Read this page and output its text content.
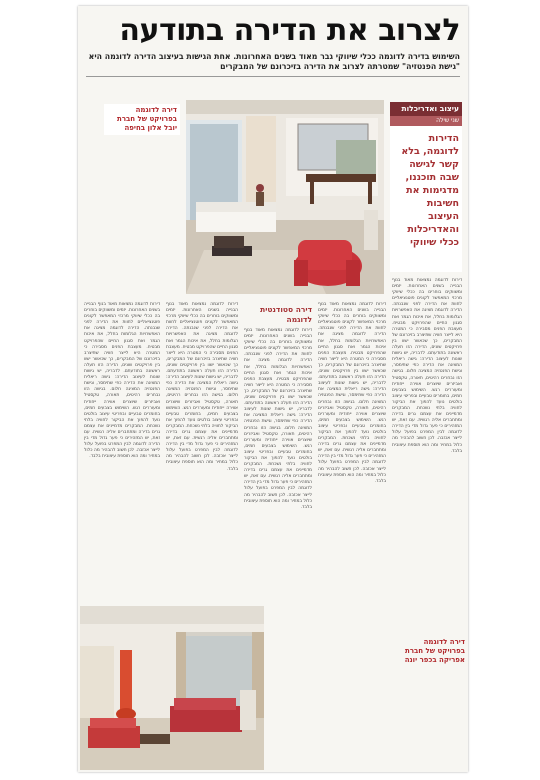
לצרוב את הדירה בתודעה
השימוש בדירה לדוגמה ככלי שיווקי גבר מאוד בשנים האחרונות. אחת הגישות בעיצוב הדירה לדוגמה היא "גישת הפנטזיה" שמטרתה לצרוב את הדירה בזיכרונם של המבקרים
עיצוב ואדריכלות
שני שילה
הדירות לדוגמה, בלא קשר לגישה שבה תוכננו, מדגימות את חשיבות העיצוב והאדריכלות ככלי שיווקי
דירה לדוגמה בפרויקט של חברת יובל אלון בחיפה

דירות לדוגמה נמצאות מאוד בנוף הבנייה בשנים האחרונות. יזמים ומשווקים בוחרים בה ככלי שיווקי מרכזי המאפשר לקונים פוטנציאליים לחוות את הדירה לפני שנבנתה. הדירה לדוגמה מציגה את האפשרויות הגלומות בחלל, את איכות הגמר ואת סגנון החיים שהפרויקט מבטיח. מעצבת הפנים מסבירה כי המטרה היא לייצר חוויה שתיצרב בזיכרונם של המבקרים, כך שכאשר ישוו בין פרויקטים שונים, הדירה הזו תעלה ראשונה בתודעתם. לדבריה, יש גישות שונות לעיצוב הדירה: גישה ריאלית המציגה את הדירה כפי שתימסר, וגישת הפנטזיה המציגה חלום. בגישה הזו נבחרים רהיטים, תאורה, טקסטיל ואביזרים שיוצרים אווירה ייחודית ומעוררים רגש. השימוש בצבעים חמים, בחומרים טבעיים ובפריטי עיצוב בולטים נועד להפוך את הביקור לחוויה בלתי נשכחת. המבקרים מדמיינים את עצמם גרים בדירה ומתחברים אליה רגשית. עם זאת, יש המזהירים כי פער גדול מדי בין הדירה לדוגמה לבין המפרט בפועל עלול לייצר אכזבה. לכן חשוב להבהיר מה כלול במחיר ומה הוא תוספת עיצובית בלבד.

דירות לדוגמה נמצאות מאוד בנוף הבנייה בשנים האחרונות. יזמים ומשווקים בוחרים בה ככלי שיווקי מרכזי המאפשר לקונים פוטנציאליים לחוות את הדירה לפני שנבנתה. הדירה לדוגמה מציגה את האפשרויות הגלומות בחלל, את איכות הגמר ואת סגנון החיים שהפרויקט מבטיח. מעצבת הפנים מסבירה כי המטרה היא לייצר חוויה שתיצרב בזיכרונם של המבקרים, כך שכאשר ישוו בין פרויקטים שונים, הדירה הזו תעלה ראשונה בתודעתם. לדבריה, יש גישות שונות לעיצוב הדירה: גישה ריאלית המציגה את הדירה כפי שתימסר, וגישת הפנטזיה המציגה חלום. בגישה הזו נבחרים רהיטים, תאורה, טקסטיל ואביזרים שיוצרים אווירה ייחודית ומעוררים רגש. השימוש בצבעים חמים, בחומרים טבעיים ובפריטי עיצוב בולטים נועד להפוך את הביקור לחוויה בלתי נשכחת. המבקרים מדמיינים את עצמם גרים בדירה ומתחברים אליה רגשית. עם זאת, יש המזהירים כי פער גדול מדי בין הדירה לדוגמה לבין המפרט בפועל עלול לייצר אכזבה. לכן חשוב להבהיר מה כלול במחיר ומה הוא תוספת עיצובית בלבד.

דירה סטודנטית לדוגמה

דירות לדוגמה נמצאות מאוד בנוף הבנייה בשנים האחרונות. יזמים ומשווקים בוחרים בה ככלי שיווקי מרכזי המאפשר לקונים פוטנציאליים לחוות את הדירה לפני שנבנתה. הדירה לדוגמה מציגה את האפשרויות הגלומות בחלל, את איכות הגמר ואת סגנון החיים שהפרויקט מבטיח. מעצבת הפנים מסבירה כי המטרה היא לייצר חוויה שתיצרב בזיכרונם של המבקרים, כך שכאשר ישוו בין פרויקטים שונים, הדירה הזו תעלה ראשונה בתודעתם. לדבריה, יש גישות שונות לעיצוב הדירה: גישה ריאלית המציגה את הדירה כפי שתימסר, וגישת הפנטזיה המציגה חלום. בגישה הזו נבחרים רהיטים, תאורה, טקסטיל ואביזרים שיוצרים אווירה ייחודית ומעוררים רגש. השימוש בצבעים חמים, בחומרים טבעיים ובפריטי עיצוב בולטים נועד להפוך את הביקור לחוויה בלתי נשכחת. המבקרים מדמיינים את עצמם גרים בדירה ומתחברים אליה רגשית. עם זאת, יש המזהירים כי פער גדול מדי בין הדירה לדוגמה לבין המפרט בפועל עלול לייצר אכזבה. לכן חשוב להבהיר מה כלול במחיר ומה הוא תוספת עיצובית בלבד.

דירות לדוגמה נמצאות מאוד בנוף הבנייה בשנים האחרונות. יזמים ומשווקים בוחרים בה ככלי שיווקי מרכזי המאפשר לקונים פוטנציאליים לחוות את הדירה לפני שנבנתה. הדירה לדוגמה מציגה את האפשרויות הגלומות בחלל, את איכות הגמר ואת סגנון החיים שהפרויקט מבטיח. מעצבת הפנים מסבירה כי המטרה היא לייצר חוויה שתיצרב בזיכרונם של המבקרים, כך שכאשר ישוו בין פרויקטים שונים, הדירה הזו תעלה ראשונה בתודעתם. לדבריה, יש גישות שונות לעיצוב הדירה: גישה ריאלית המציגה את הדירה כפי שתימסר, וגישת הפנטזיה המציגה חלום. בגישה הזו נבחרים רהיטים, תאורה, טקסטיל ואביזרים שיוצרים אווירה ייחודית ומעוררים רגש. השימוש בצבעים חמים, בחומרים טבעיים ובפריטי עיצוב בולטים נועד להפוך את הביקור לחוויה בלתי נשכחת. המבקרים מדמיינים את עצמם גרים בדירה ומתחברים אליה רגשית. עם זאת, יש המזהירים כי פער גדול מדי בין הדירה לדוגמה לבין המפרט בפועל עלול לייצר אכזבה. לכן חשוב להבהיר מה כלול במחיר ומה הוא תוספת עיצובית בלבד.

דירות לדוגמה נמצאות מאוד בנוף הבנייה בשנים האחרונות. יזמים ומשווקים בוחרים בה ככלי שיווקי מרכזי המאפשר לקונים פוטנציאליים לחוות את הדירה לפני שנבנתה. הדירה לדוגמה מציגה את האפשרויות הגלומות בחלל, את איכות הגמר ואת סגנון החיים שהפרויקט מבטיח. מעצבת הפנים מסבירה כי המטרה היא לייצר חוויה שתיצרב בזיכרונם של המבקרים, כך שכאשר ישוו בין פרויקטים שונים, הדירה הזו תעלה ראשונה בתודעתם. לדבריה, יש גישות שונות לעיצוב הדירה: גישה ריאלית המציגה את הדירה כפי שתימסר, וגישת הפנטזיה המציגה חלום. בגישה הזו נבחרים רהיטים, תאורה, טקסטיל ואביזרים שיוצרים אווירה ייחודית ומעוררים רגש. השימוש בצבעים חמים, בחומרים טבעיים ובפריטי עיצוב בולטים נועד להפוך את הביקור לחוויה בלתי נשכחת. המבקרים מדמיינים את עצמם גרים בדירה ומתחברים אליה רגשית. עם זאת, יש המזהירים כי פער גדול מדי בין הדירה לדוגמה לבין המפרט בפועל עלול לייצר אכזבה. לכן חשוב להבהיר מה כלול במחיר ומה הוא תוספת עיצובית בלבד.

דירה לדוגמה בפרויקט של חברת אפריקה בכפר יונה
